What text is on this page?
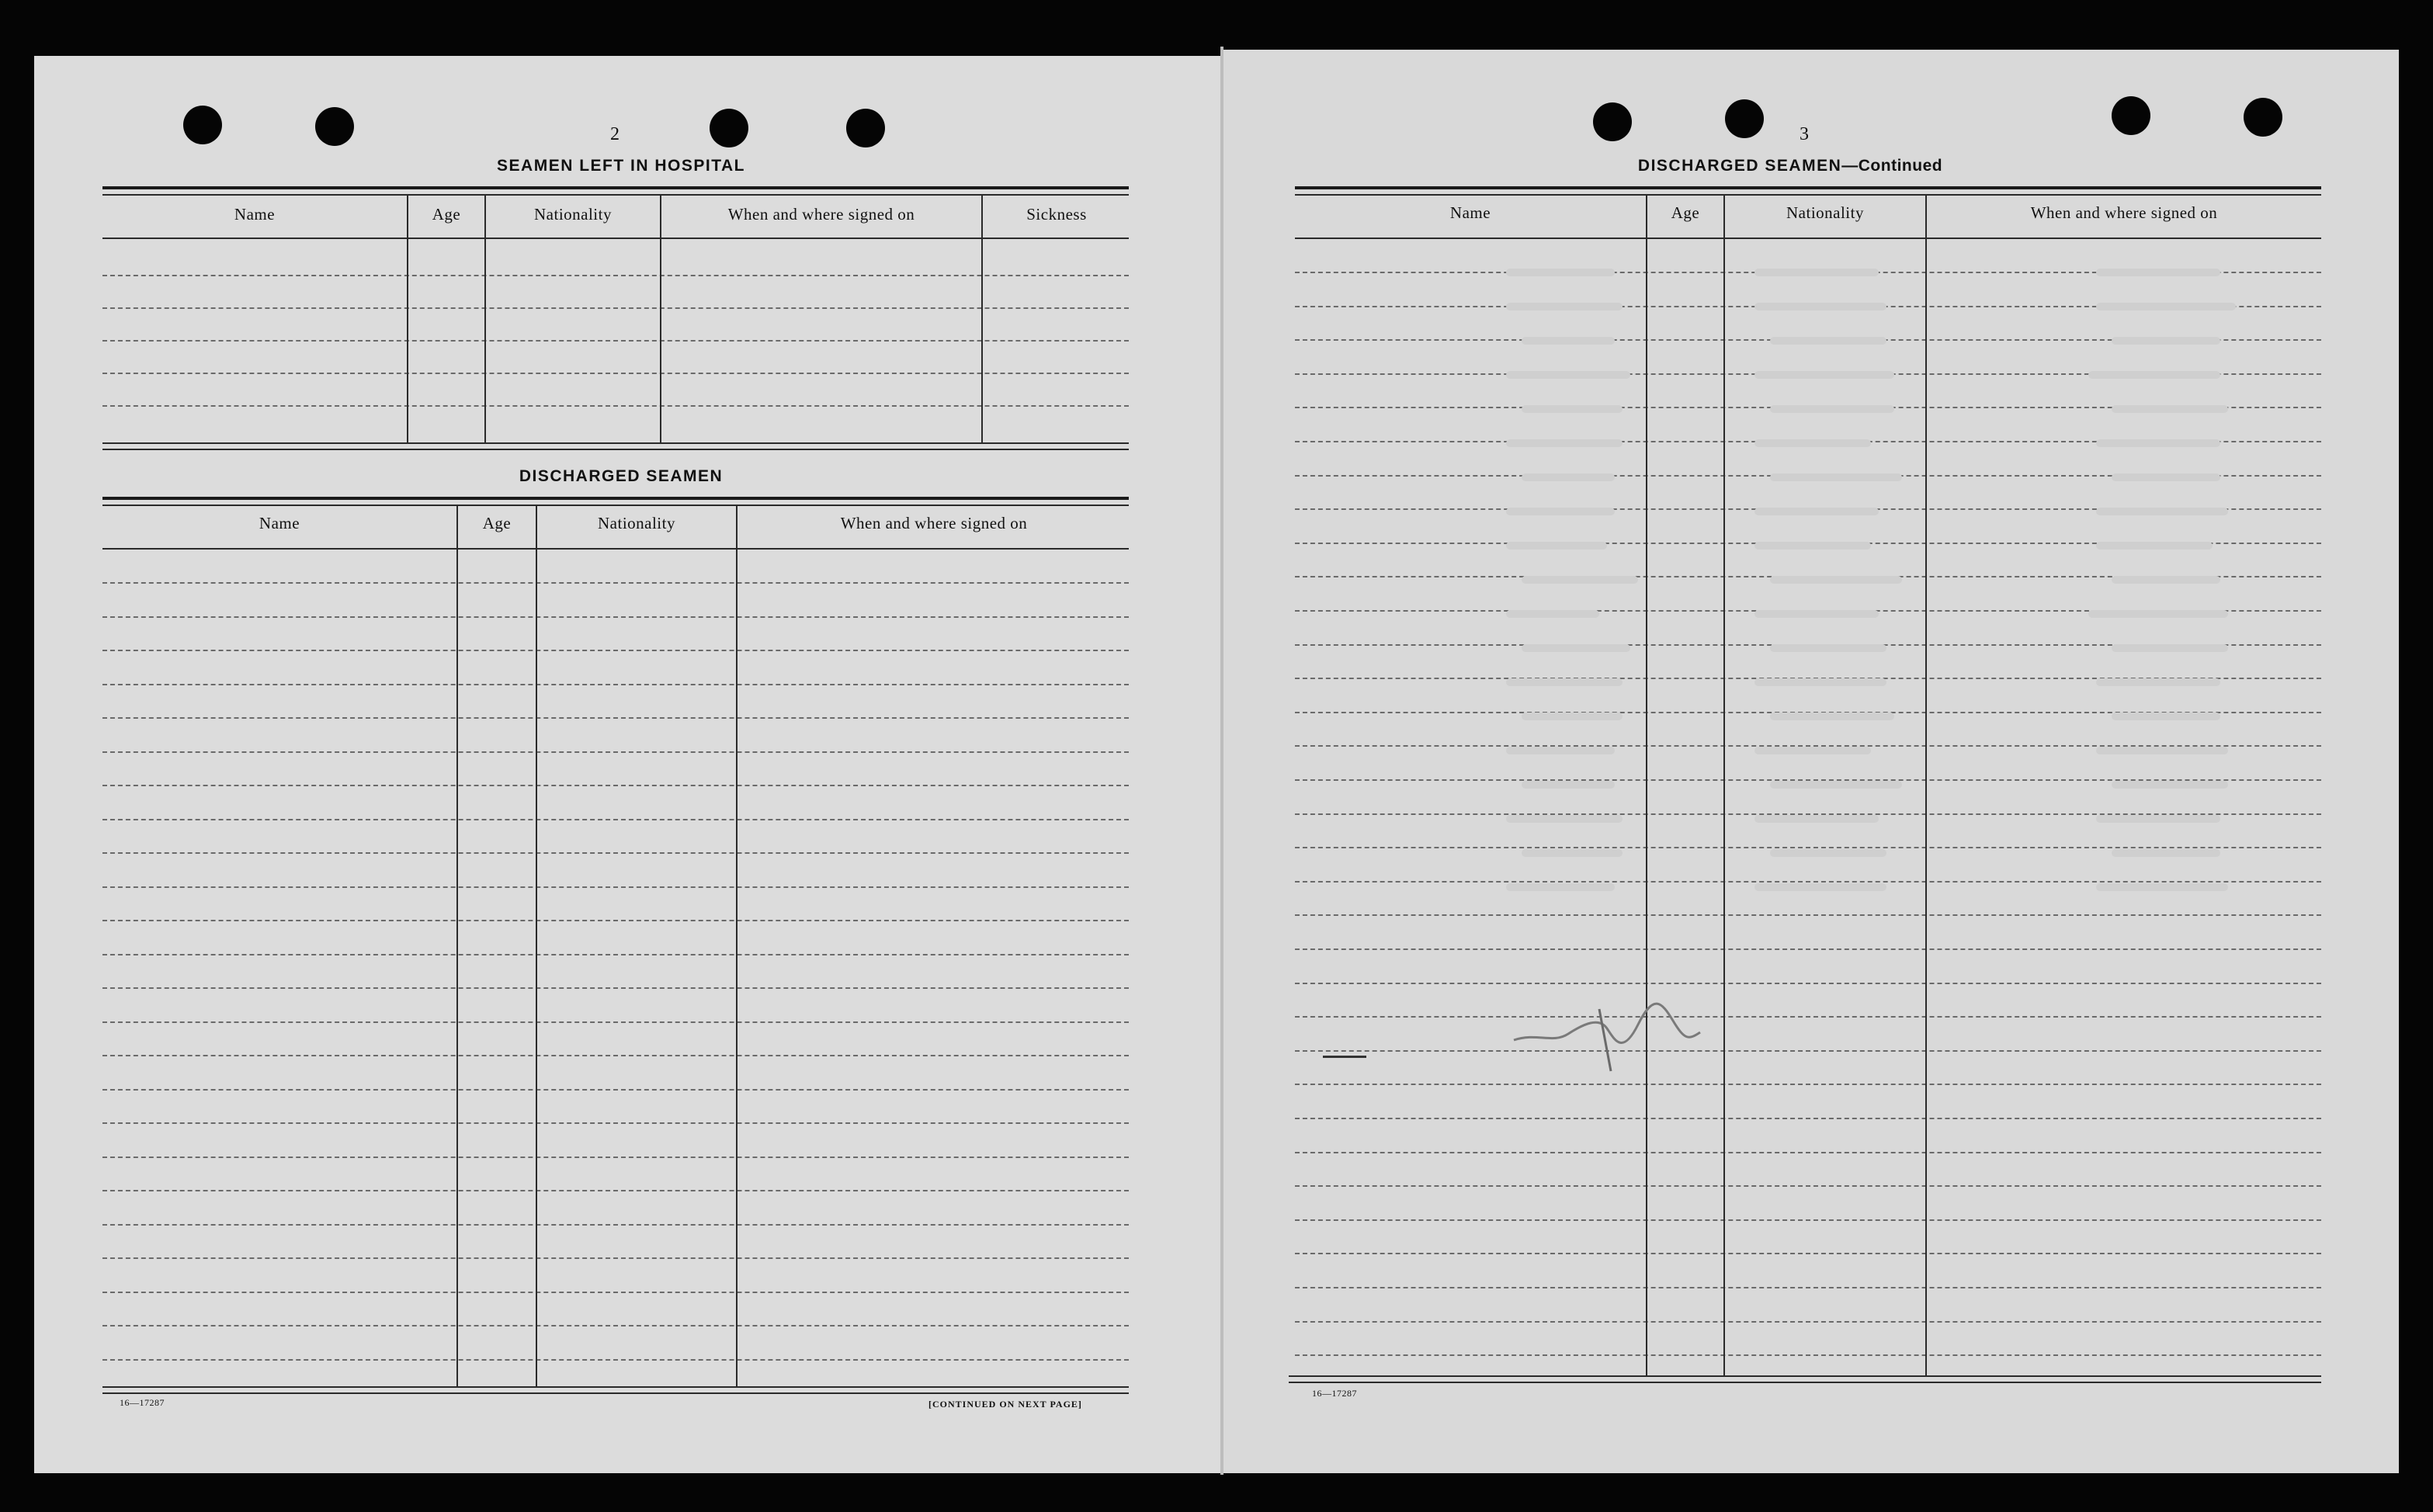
2
SEAMEN LEFT IN HOSPITAL
Name	Age	Nationality	When and where signed on	Sickness
DISCHARGED SEAMEN
Name	Age	Nationality	When and where signed on
16—17287	[CONTINUED ON NEXT PAGE]
3
DISCHARGED SEAMEN—Continued
Name	Age	Nationality	When and where signed on
16—17287
